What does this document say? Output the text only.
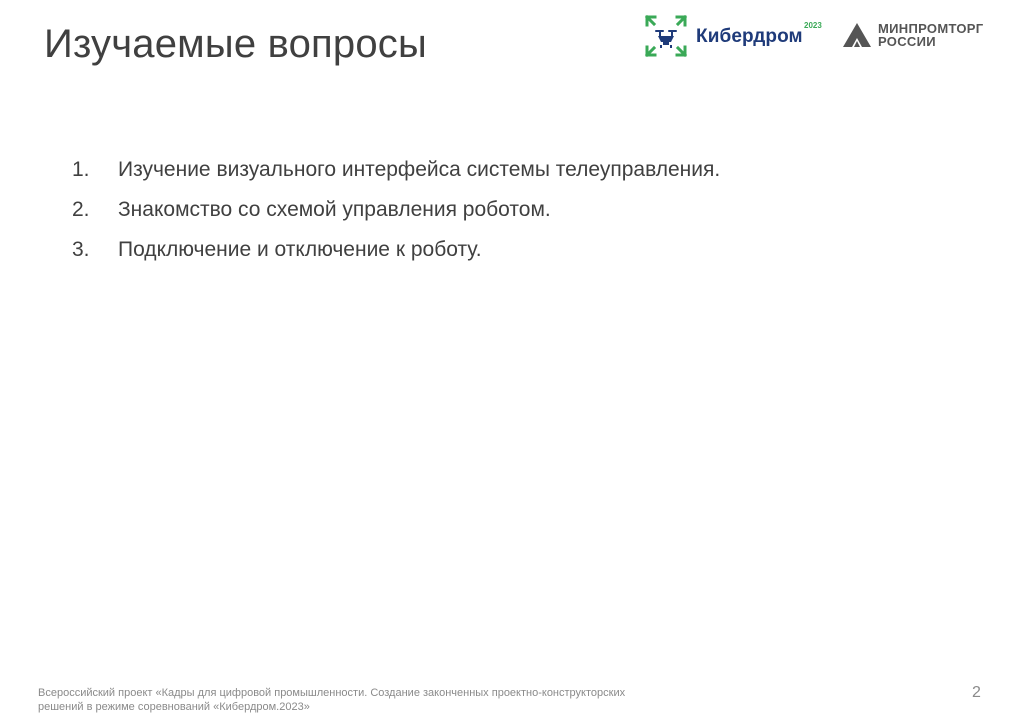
Изучаемые вопросы	Кибердром
2023	МИНПРОМТОРГ
РОССИИ
1. Изучение визуального интерфейса системы телеуправления.
2. Знакомство со схемой управления роботом.
3. Подключение и отключение к роботу.
Всероссийский проект «Кадры для цифровой промышленности. Создание законченных проектно-конструкторских
решений в режиме соревнований «Кибердром.2023»
2
